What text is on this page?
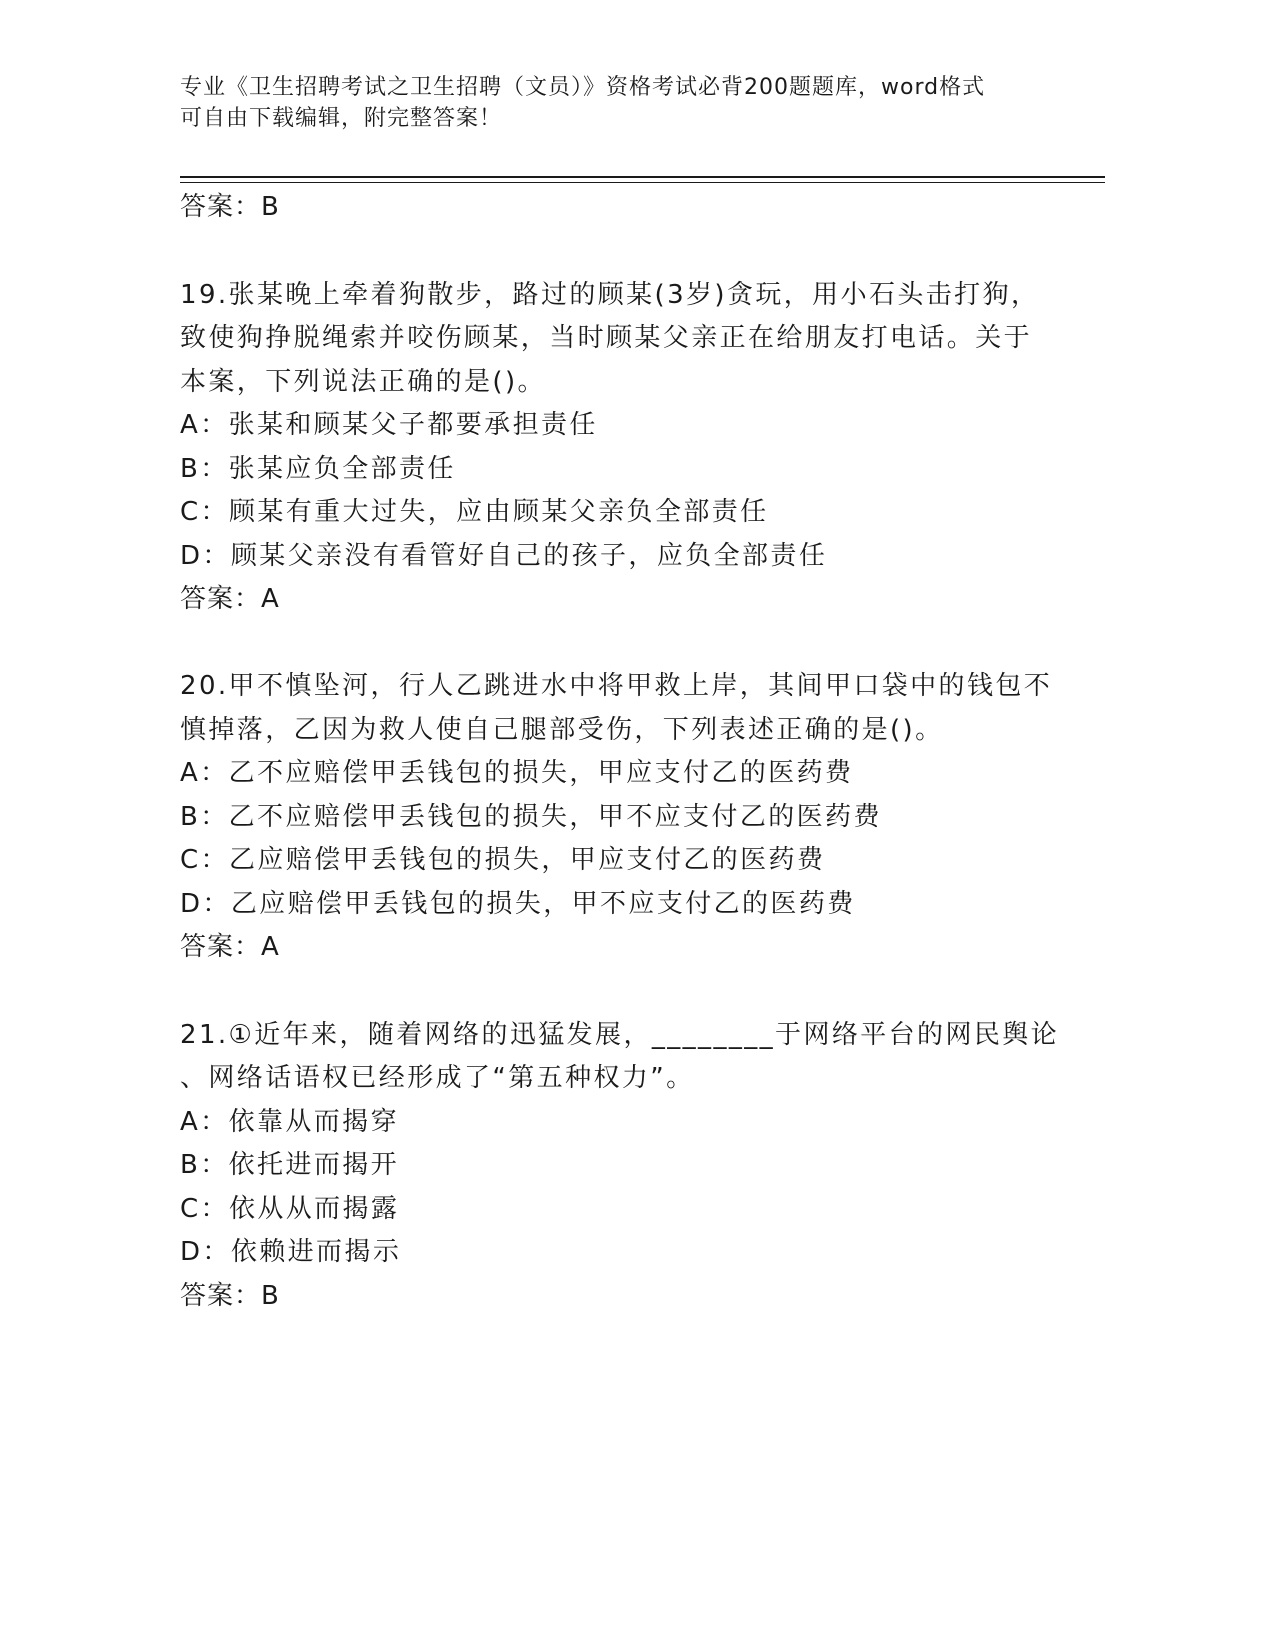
专业《卫生招聘考试之卫生招聘（文员）》资格考试必背200题题库，word格式
可自由下载编辑，附完整答案！
答案：B
19.张某晚上牵着狗散步，路过的顾某(3岁)贪玩，用小石头击打狗，
致使狗挣脱绳索并咬伤顾某，当时顾某父亲正在给朋友打电话。关于
本案，下列说法正确的是()。
A：张某和顾某父子都要承担责任
B：张某应负全部责任
C：顾某有重大过失，应由顾某父亲负全部责任
D：顾某父亲没有看管好自己的孩子，应负全部责任
答案：A
20.甲不慎坠河，行人乙跳进水中将甲救上岸，其间甲口袋中的钱包不
慎掉落，乙因为救人使自己腿部受伤，下列表述正确的是()。
A：乙不应赔偿甲丢钱包的损失，甲应支付乙的医药费
B：乙不应赔偿甲丢钱包的损失，甲不应支付乙的医药费
C：乙应赔偿甲丢钱包的损失，甲应支付乙的医药费
D：乙应赔偿甲丢钱包的损失，甲不应支付乙的医药费
答案：A
21.①近年来，随着网络的迅猛发展，________于网络平台的网民舆论
、网络话语权已经形成了“第五种权力”。
A：依靠从而揭穿
B：依托进而揭开
C：依从从而揭露
D：依赖进而揭示
答案：B
